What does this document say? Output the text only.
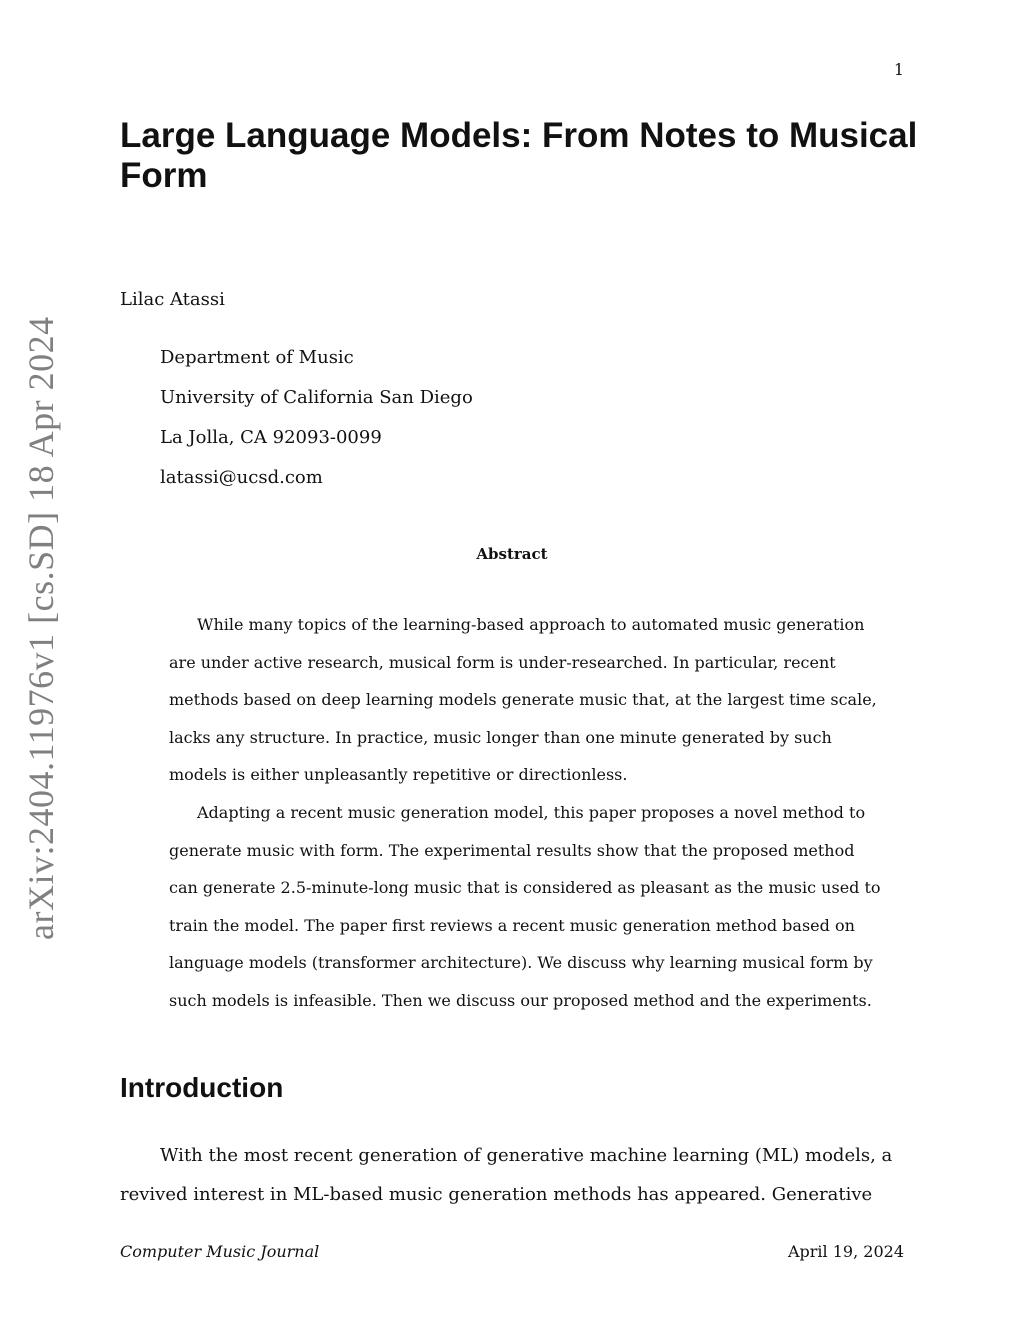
1
Large Language Models: From Notes to Musical Form
Lilac Atassi
Department of Music
University of California San Diego
La Jolla, CA 92093-0099
latassi@ucsd.com
Abstract

While many topics of the learning-based approach to automated music generation

are under active research, musical form is under-researched. In particular, recent
methods based on deep learning models generate music that, at the largest time scale,
lacks any structure. In practice, music longer than one minute generated by such
models is either unpleasantly repetitive or directionless.

Adapting a recent music generation model, this paper proposes a novel method to

generate music with form. The experimental results show that the proposed method
can generate 2.5-minute-long music that is considered as pleasant as the music used to
train the model. The paper first reviews a recent music generation method based on
language models (transformer architecture). We discuss why learning musical form by
such models is infeasible. Then we discuss our proposed method and the experiments.
Introduction
With the most recent generation of generative machine learning (ML) models, a
revived interest in ML-based music generation methods has appeared. Generative
arXiv:2404.11976v1 [cs.SD] 18 Apr 2024
Computer Music Journal	April 19, 2024
